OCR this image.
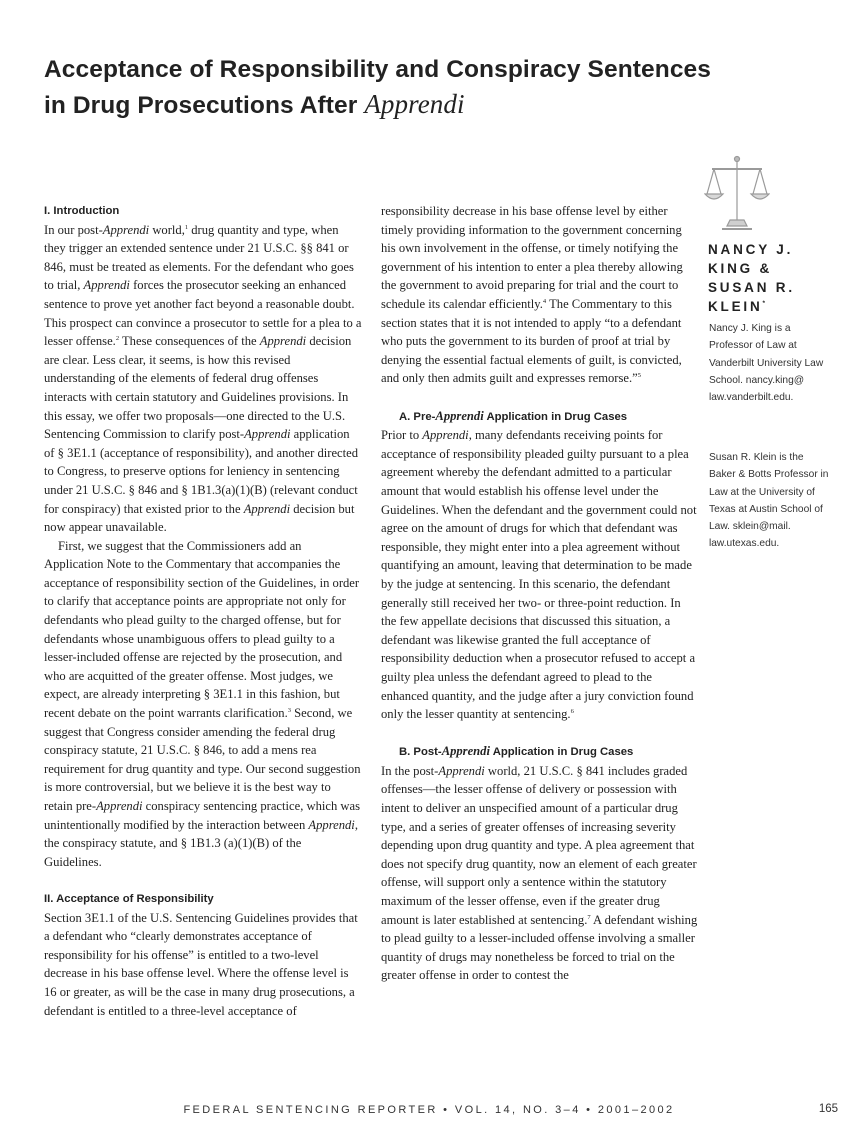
Acceptance of Responsibility and Conspiracy Sentences
in Drug Prosecutions After Apprendi
I. Introduction

In our post-Apprendi world,$^1$ drug quantity and type, when they trigger an extended sentence under 21 U.S.C. §§ 841 or 846, must be treated as elements. For the defendant who goes to trial, Apprendi forces the prosecutor seeking an enhanced sentence to prove yet another fact beyond a reasonable doubt. This prospect can convince a prosecutor to settle for a plea to a lesser offense.$^2$ These consequences of the Apprendi decision are clear. Less clear, it seems, is how this revised understanding of the elements of federal drug offenses interacts with certain statutory and Guidelines provisions. In this essay, we offer two proposals—one directed to the U.S. Sentencing Commission to clarify post-Apprendi application of § 3E1.1 (acceptance of responsibility), and another directed to Congress, to preserve options for leniency in sentencing under 21 U.S.C. § 846 and § 1B1.3(a)(1)(B) (relevant conduct for conspiracy) that existed prior to the Apprendi decision but now appear unavailable.

First, we suggest that the Commissioners add an Application Note to the Commentary that accompanies the acceptance of responsibility section of the Guidelines, in order to clarify that acceptance points are appropriate not only for defendants who plead guilty to the charged offense, but for defendants whose unambiguous offers to plead guilty to a lesser-included offense are rejected by the prosecution, and who are acquitted of the greater offense. Most judges, we expect, are already interpreting § 3E1.1 in this fashion, but recent debate on the point warrants clarification.$^3$ Second, we suggest that Congress consider amending the federal drug conspiracy statute, 21 U.S.C. § 846, to add a mens rea requirement for drug quantity and type. Our second suggestion is more controversial, but we believe it is the best way to retain pre-Apprendi conspiracy sentencing practice, which was unintentionally modified by the interaction between Apprendi, the conspiracy statute, and § 1B1.3 (a)(1)(B) of the Guidelines.

II. Acceptance of Responsibility

Section 3E1.1 of the U.S. Sentencing Guidelines provides that a defendant who “clearly demonstrates acceptance of responsibility for his offense” is entitled to a two-level decrease in his base offense level. Where the offense level is 16 or greater, as will be the case in many drug prosecutions, a defendant is entitled to a three-level acceptance of

responsibility decrease in his base offense level by either timely providing information to the government concerning his own involvement in the offense, or timely notifying the government of his intention to enter a plea thereby allowing the government to avoid preparing for trial and the court to schedule its calendar efficiently.$^4$ The Commentary to this section states that it is not intended to apply “to a defendant who puts the government to its burden of proof at trial by denying the essential factual elements of guilt, is convicted, and only then admits guilt and expresses remorse.”$^5$

A. Pre-Apprendi Application in Drug Cases

Prior to Apprendi, many defendants receiving points for acceptance of responsibility pleaded guilty pursuant to a plea agreement whereby the defendant admitted to a particular amount that would establish his offense level under the Guidelines. When the defendant and the government could not agree on the amount of drugs for which that defendant was responsible, they might enter into a plea agreement without quantifying an amount, leaving that determination to be made by the judge at sentencing. In this scenario, the defendant generally still received her two- or three-point reduction. In the few appellate decisions that discussed this situation, a defendant was likewise granted the full acceptance of responsibility deduction when a prosecutor refused to accept a guilty plea unless the defendant agreed to plead to the enhanced quantity, and the judge after a jury conviction found only the lesser quantity at sentencing.$^6$

B. Post-Apprendi Application in Drug Cases

In the post-Apprendi world, 21 U.S.C. § 841 includes graded offenses—the lesser offense of delivery or possession with intent to deliver an unspecified amount of a particular drug type, and a series of greater offenses of increasing severity depending upon drug quantity and type. A plea agreement that does not specify drug quantity, now an element of each greater offense, will support only a sentence within the statutory maximum of the lesser offense, even if the greater drug amount is later established at sentencing.$^7$ A defendant wishing to plead guilty to a lesser-included offense involving a smaller quantity of drugs may nonetheless be forced to trial on the greater offense in order to contest the

NANCY J.
KING &
SUSAN R.
KLEIN*

Nancy J. King is a Professor of Law at Vanderbilt University Law School. nancy.king@ law.vanderbilt.edu.

Susan R. Klein is the Baker & Botts Professor in Law at the University of Texas at Austin School of Law. sklein@mail. law.utexas.edu.

FEDERAL SENTENCING REPORTER • VOL. 14, NO. 3–4 • 2001–2002	165
